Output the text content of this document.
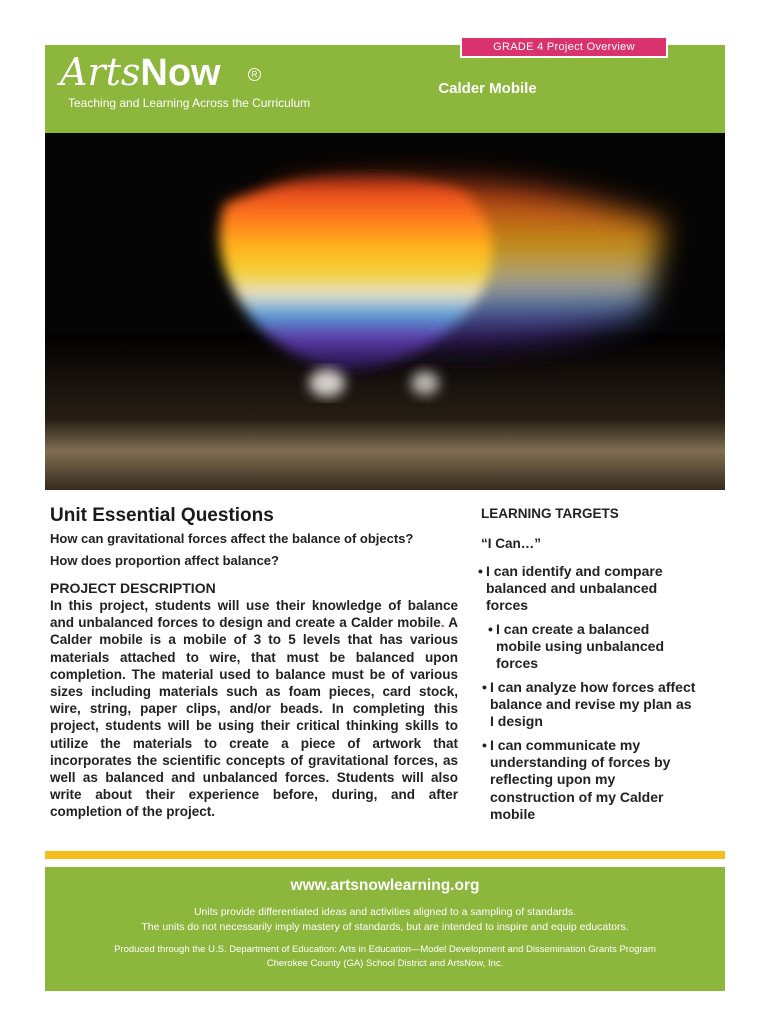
GRADE 4 Project Overview
ArtsNow	R
Teaching and Learning Across the Curriculum
Calder Mobile
Unit Essential Questions
How can gravitational forces affect the balance of objects?
How does proportion affect balance?
PROJECT DESCRIPTION
In this project, students will use their knowledge of balance and unbalanced forces to design and create a Calder mobile. A Calder mobile is a mobile of 3 to 5 levels that has various materials attached to wire, that must be balanced upon completion. The material used to balance must be of various sizes including materials such as foam pieces, card stock, wire, string, paper clips, and/or beads. In completing this project, students will be using their critical thinking skills to utilize the materials to create a piece of artwork that incorporates the scientific concepts of gravitational forces, as well as balanced and unbalanced forces. Students will also write about their experience before, during, and after completion of the project.
LEARNING TARGETS
“I Can…”
• I can identify and compare balanced and unbalanced forces
• I can create a balanced mobile using unbalanced forces
• I can analyze how forces affect balance and revise my plan as I design
• I can communicate my understanding of forces by reflecting upon my construction of my Calder mobile
www.artsnowlearning.org
Units provide differentiated ideas and activities aligned to a sampling of standards.
The units do not necessarily imply mastery of standards, but are intended to inspire and equip educators.
Produced through the U.S. Department of Education: Arts in Education—Model Development and Dissemination Grants Program
Cherokee County (GA) School District and ArtsNow, Inc.
